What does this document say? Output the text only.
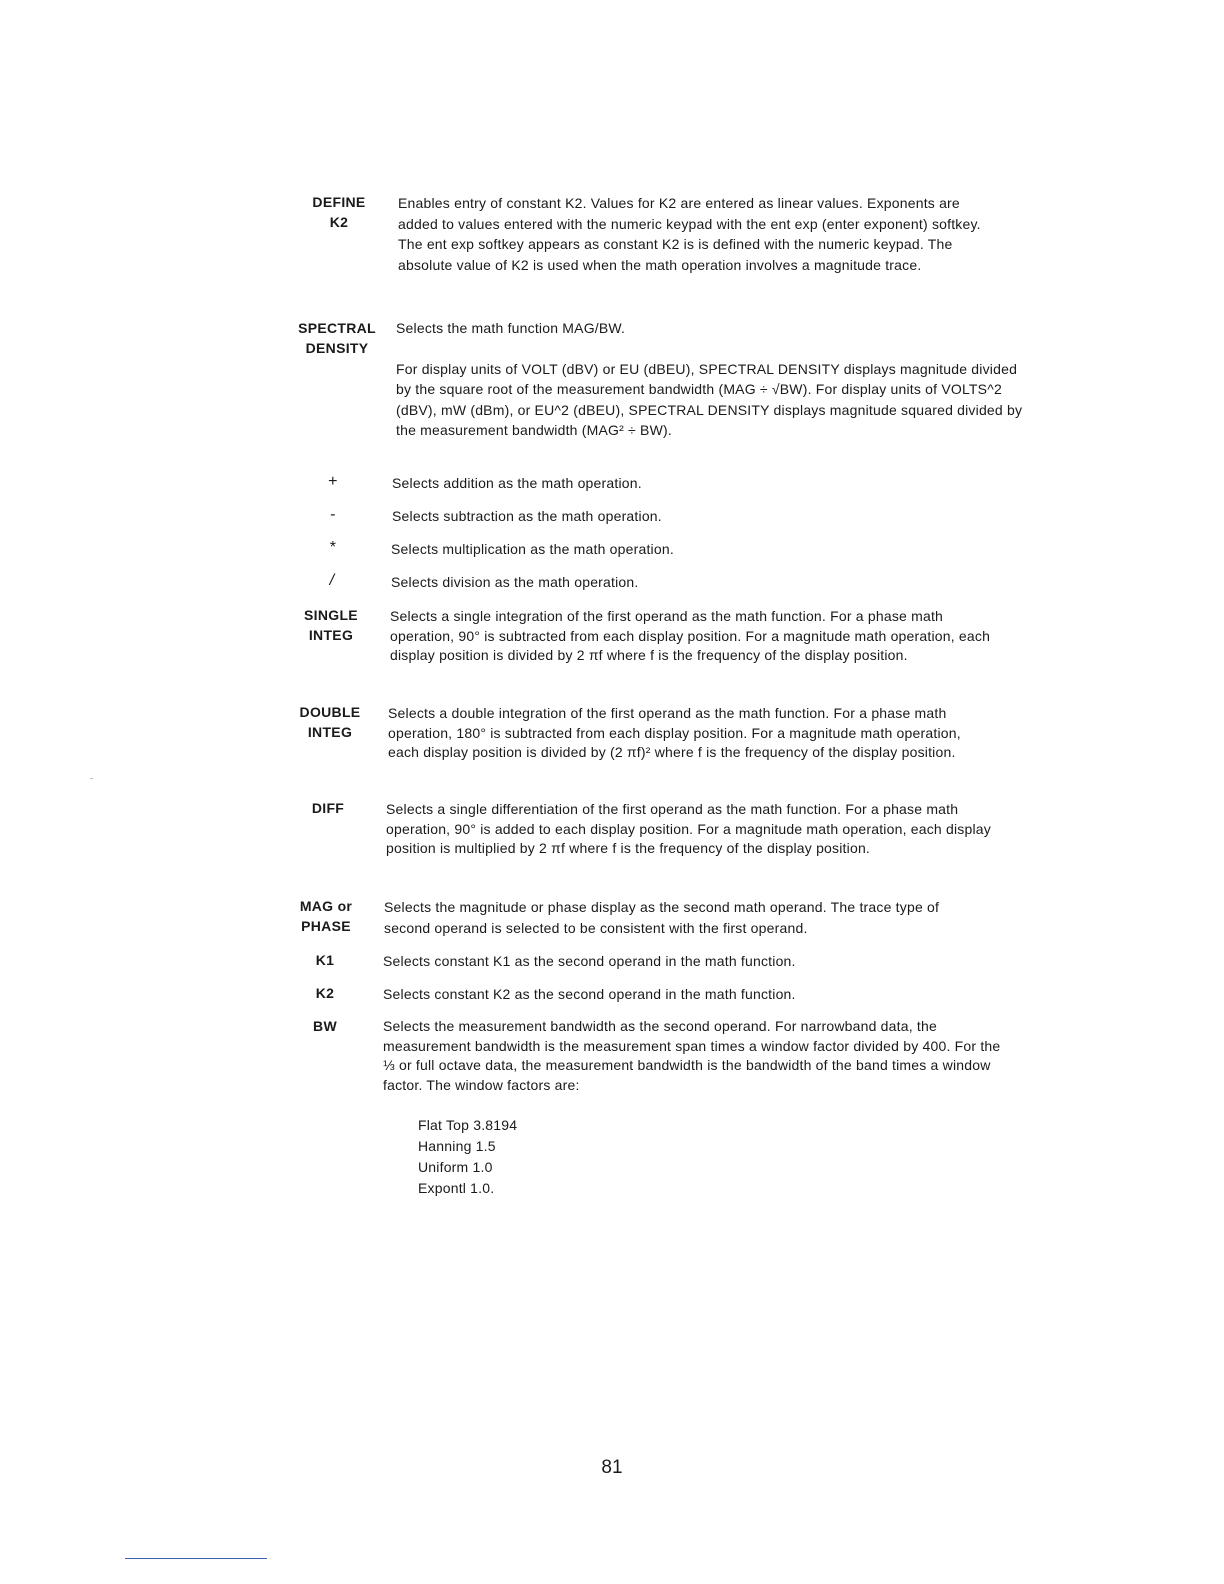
DEFINE
K2

Enables entry of constant K2. Values for K2 are entered as linear values. Exponents are added to values entered with the numeric keypad with the ent exp (enter exponent) softkey. The ent exp softkey appears as constant K2 is is defined with the numeric keypad. The absolute value of K2 is used when the math operation involves a magnitude trace.

SPECTRAL
DENSITY

Selects the math function MAG/BW.

For display units of VOLT (dBV) or EU (dBEU), SPECTRAL DENSITY displays magnitude divided by the square root of the measurement bandwidth (MAG ÷ √BW). For display units of VOLTS^2 (dBV), mW (dBm), or EU^2 (dBEU), SPECTRAL DENSITY displays magnitude squared divided by the measurement bandwidth (MAG² ÷ BW).

+	Selects addition as the math operation.

-	Selects subtraction as the math operation.

*	Selects multiplication as the math operation.

/	Selects division as the math operation.

SINGLE
INTEG

Selects a single integration of the first operand as the math function. For a phase math operation, 90° is subtracted from each display position. For a magnitude math operation, each display position is divided by 2 πf where f is the frequency of the display position.

DOUBLE
INTEG

Selects a double integration of the first operand as the math function. For a phase math operation, 180° is subtracted from each display position. For a magnitude math operation, each display position is divided by (2 πf)² where f is the frequency of the display position.

DIFF	Selects a single differentiation of the first operand as the math function. For a phase math operation, 90° is added to each display position. For a magnitude math operation, each display position is multiplied by 2 πf where f is the frequency of the display position.

MAG or
PHASE

Selects the magnitude or phase display as the second math operand. The trace type of second operand is selected to be consistent with the first operand.

K1	Selects constant K1 as the second operand in the math function.

K2	Selects constant K2 as the second operand in the math function.

BW	Selects the measurement bandwidth as the second operand. For narrowband data, the measurement bandwidth is the measurement span times a window factor divided by 400. For the ⅓ or full octave data, the measurement bandwidth is the bandwidth of the band times a window factor. The window factors are:

Flat Top 3.8194
Hanning 1.5
Uniform 1.0
Expontl 1.0.
81
